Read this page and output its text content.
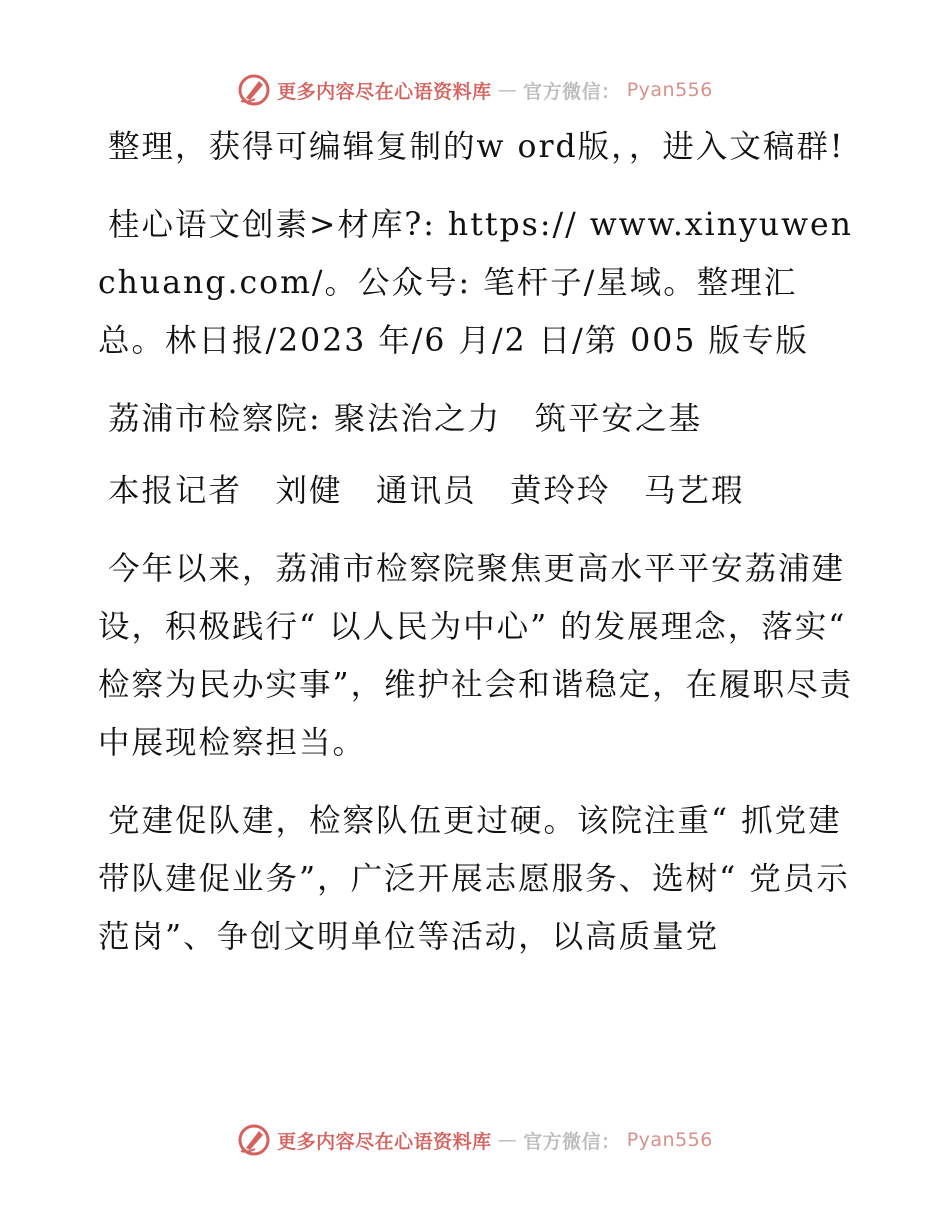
更多内容尽在心语资料库 — 官方微信： Pyan556

整理，获得可编辑复制的w ord版，，进入文稿群!

桂心语文创素>材库?: https:// www.xinyuwenchuang.com/。公众号: 笔杆子/星域。整理汇总。林日报/2023 年/6 月/2 日/第 005 版专版

荔浦市检察院: 聚法治之力　筑平安之基

本报记者　刘健　通讯员　黄玲玲　马艺瑕

今年以来，荔浦市检察院聚焦更高水平平安荔浦建设，积极践行“ 以人民为中心” 的发展理念，落实“ 检察为民办实事”，维护社会和谐稳定，在履职尽责中展现检察担当。

党建促队建，检察队伍更过硬。该院注重“ 抓党建带队建促业务”，广泛开展志愿服务、选树“ 党员示范岗”、争创文明单位等活动，以高质量党

更多内容尽在心语资料库 — 官方微信： Pyan556
